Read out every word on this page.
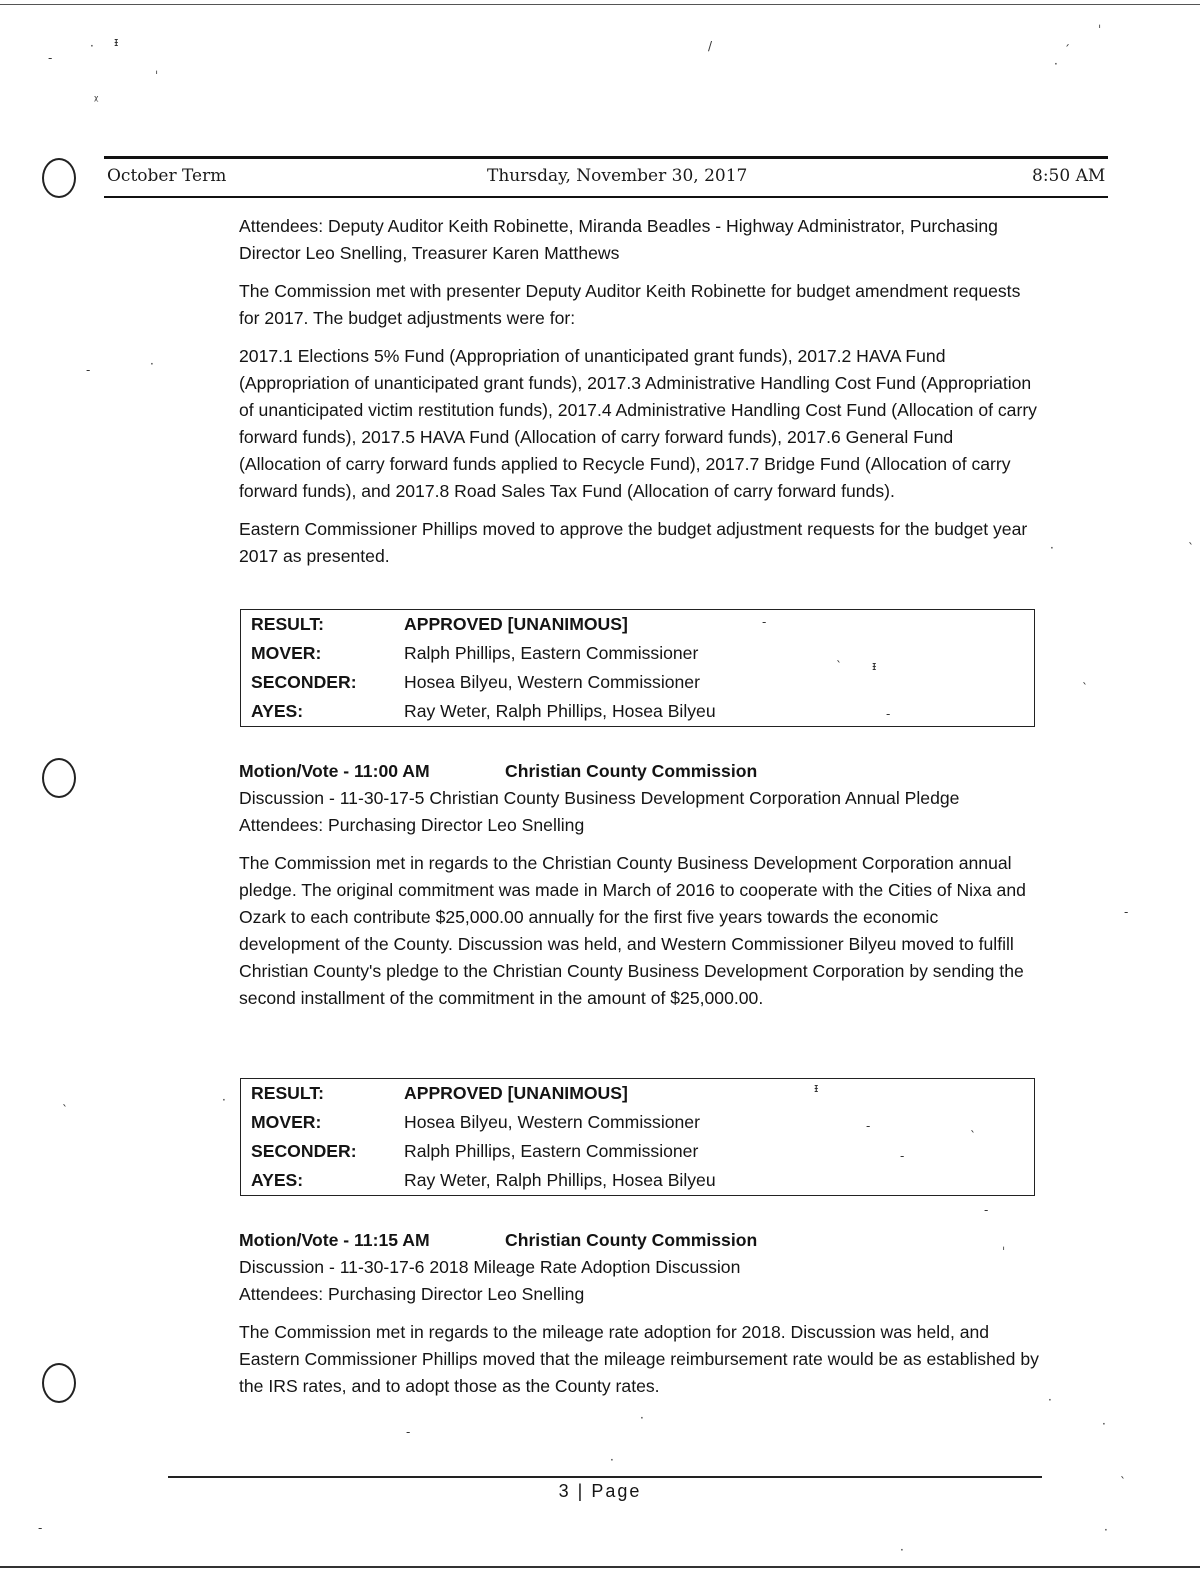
-
· ᵻ
ˈ
ᵪ
/
ˈ
ˊ
·
-	·
·	ˋ
ˋ
-
ˋ
·
ˈ
·
·
-
·
·
ˋ
·
-
·
-
ˋ	ᵻ
-
ᵻ
-
ˋ
-
-
October Term	Thursday, November 30, 2017	8:50 AM

Attendees: Deputy Auditor Keith Robinette, Miranda Beadles - Highway Administrator, Purchasing Director Leo Snelling, Treasurer Karen Matthews

The Commission met with presenter Deputy Auditor Keith Robinette for budget amendment requests for 2017. The budget adjustments were for:

2017.1 Elections 5% Fund (Appropriation of unanticipated grant funds), 2017.2 HAVA Fund (Appropriation of unanticipated grant funds), 2017.3 Administrative Handling Cost Fund (Appropriation of unanticipated victim restitution funds), 2017.4 Administrative Handling Cost Fund (Allocation of carry forward funds), 2017.5 HAVA Fund (Allocation of carry forward funds), 2017.6 General Fund (Allocation of carry forward funds applied to Recycle Fund), 2017.7 Bridge Fund (Allocation of carry forward funds), and 2017.8 Road Sales Tax Fund (Allocation of carry forward funds).

Eastern Commissioner Phillips moved to approve the budget adjustment requests for the budget year 2017 as presented.

RESULT:	APPROVED [UNANIMOUS]
MOVER:	Ralph Phillips, Eastern Commissioner
SECONDER:	Hosea Bilyeu, Western Commissioner
AYES:	Ray Weter, Ralph Phillips, Hosea Bilyeu

Motion/Vote - 11:00 AM	Christian County Commission

Discussion - 11-30-17-5 Christian County Business Development Corporation Annual Pledge

Attendees: Purchasing Director Leo Snelling

The Commission met in regards to the Christian County Business Development Corporation annual pledge. The original commitment was made in March of 2016 to cooperate with the Cities of Nixa and Ozark to each contribute $25,000.00 annually for the first five years towards the economic development of the County. Discussion was held, and Western Commissioner Bilyeu moved to fulfill Christian County's pledge to the Christian County Business Development Corporation by sending the second installment of the commitment in the amount of $25,000.00.

RESULT:	APPROVED [UNANIMOUS]
MOVER:	Hosea Bilyeu, Western Commissioner
SECONDER:	Ralph Phillips, Eastern Commissioner
AYES:	Ray Weter, Ralph Phillips, Hosea Bilyeu

Motion/Vote - 11:15 AM	Christian County Commission

Discussion - 11-30-17-6 2018 Mileage Rate Adoption Discussion

Attendees: Purchasing Director Leo Snelling

The Commission met in regards to the mileage rate adoption for 2018. Discussion was held, and Eastern Commissioner Phillips moved that the mileage reimbursement rate would be as established by the IRS rates, and to adopt those as the County rates.

3 | Page
